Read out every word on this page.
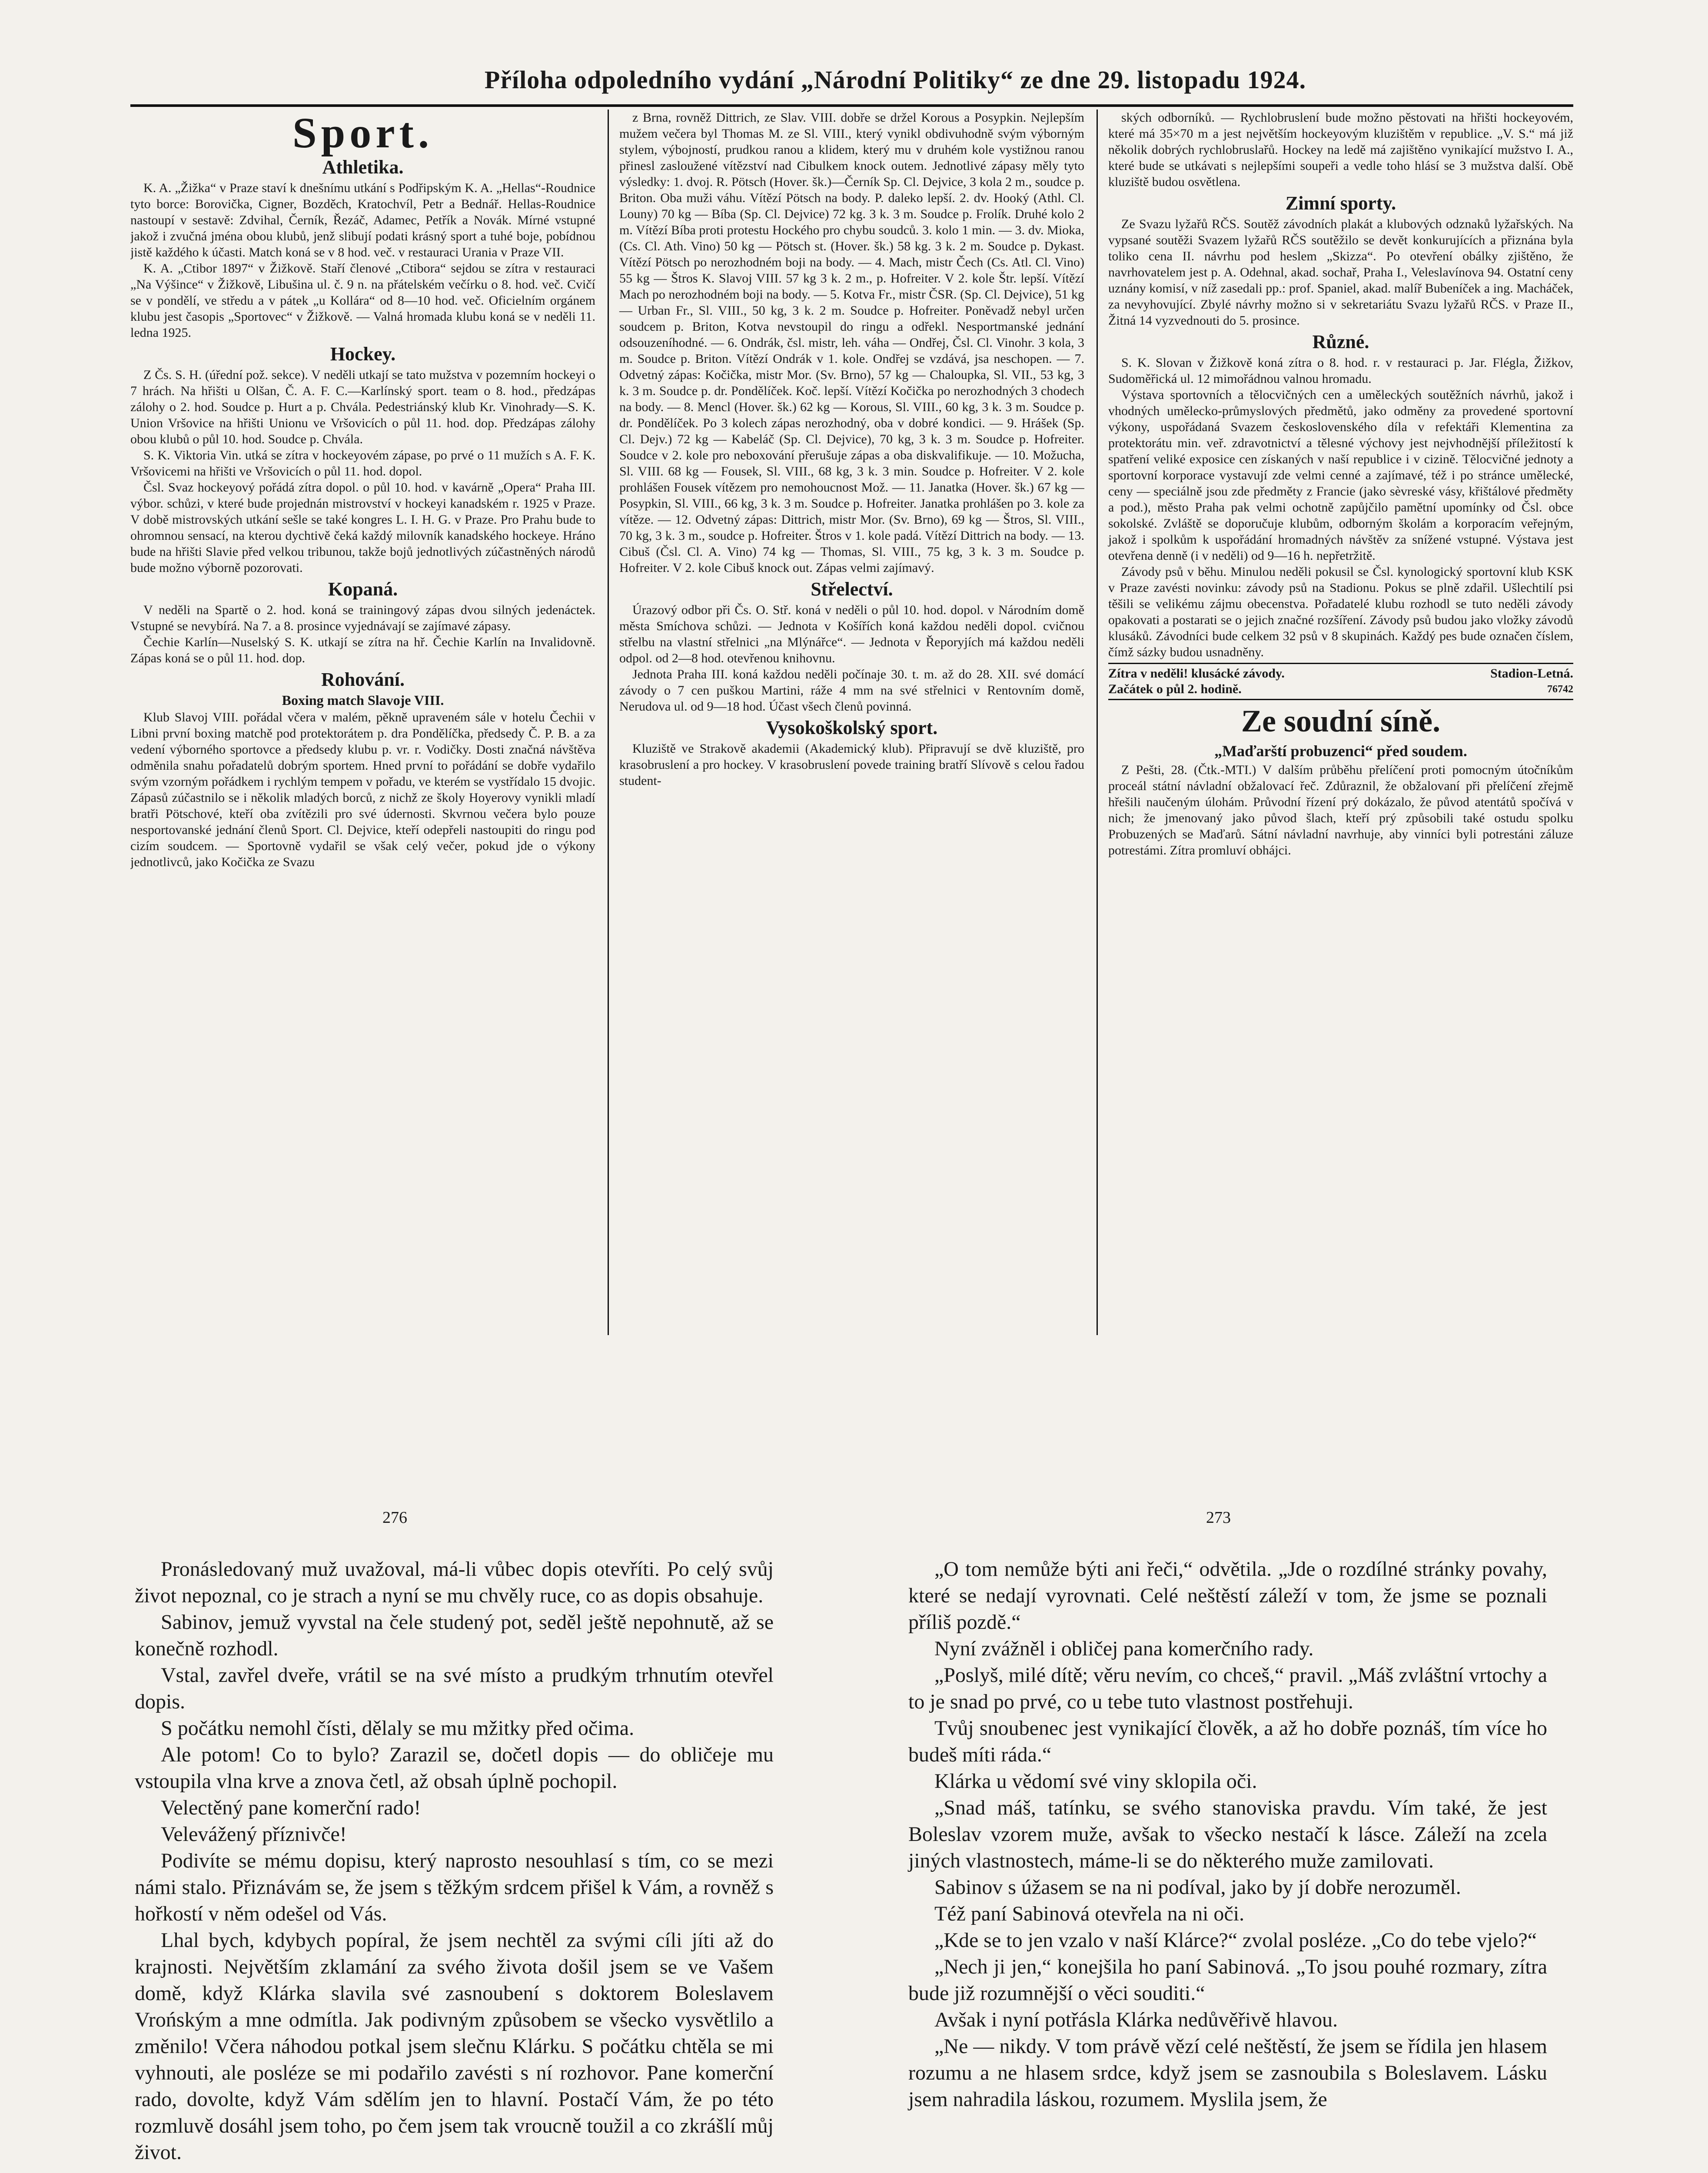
Příloha odpoledního vydání „Národní Politiky“ ze dne 29. listopadu 1924.
Sport.
Athletika.

K. A. „Žižka“ v Praze staví k dnešnímu utkání s Podřipským K. A. „Hellas“-Roudnice tyto borce: Borovička, Cigner, Bozděch, Kratochvíl, Petr a Bednář. Hellas-Roudnice nastoupí v sestavě: Zdvihal, Černík, Řezáč, Adamec, Petřík a Novák. Mírné vstupné jakož i zvučná jména obou klubů, jenž slibují podati krásný sport a tuhé boje, pobídnou jistě každého k účasti. Match koná se v 8 hod. več. v restauraci Urania v Praze VII.

K. A. „Ctibor 1897“ v Žižkově. Staří členové „Ctibora“ sejdou se zítra v restauraci „Na Výšince“ v Žižkově, Libušina ul. č. 9 n. na přátelském večírku o 8. hod. več. Cvičí se v pondělí, ve středu a v pátek „u Kollára“ od 8—10 hod. več. Oficielním orgánem klubu jest časopis „Sportovec“ v Žižkově. — Valná hromada klubu koná se v neděli 11. ledna 1925.

Hockey.

Z Čs. S. H. (úřední pož. sekce). V neděli utkají se tato mužstva v pozemním hockeyi o 7 hrách. Na hřišti u Olšan, Č. A. F. C.—Karlínský sport. team o 8. hod., předzápas zálohy o 2. hod. Soudce p. Hurt a p. Chvála. Pedestriánský klub Kr. Vinohrady—S. K. Union Vršovice na hřišti Unionu ve Vršovicích o půl 11. hod. dop. Předzápas zálohy obou klubů o půl 10. hod. Soudce p. Chvála.

S. K. Viktoria Vin. utká se zítra v hockeyovém zápase, po prvé o 11 mužích s A. F. K. Vršovicemi na hřišti ve Vršovicích o půl 11. hod. dopol.

Čsl. Svaz hockeyový pořádá zítra dopol. o půl 10. hod. v kavárně „Opera“ Praha III. výbor. schůzi, v které bude projednán mistrovství v hockeyi kanadském r. 1925 v Praze. V době mistrovských utkání sešle se také kongres L. I. H. G. v Praze. Pro Prahu bude to ohromnou sensací, na kterou dychtivě čeká každý milovník kanadského hockeye. Hráno bude na hřišti Slavie před velkou tribunou, takže bojů jednotlivých zúčastněných národů bude možno výborně pozorovati.

Kopaná.

V neděli na Spartě o 2. hod. koná se trainingový zápas dvou silných jedenáctek. Vstupné se nevybírá. Na 7. a 8. prosince vyjednávají se zajímavé zápasy.

Čechie Karlín—Nuselský S. K. utkají se zítra na hř. Čechie Karlín na Invalidovně. Zápas koná se o půl 11. hod. dop.

Rohování.
Boxing match Slavoje VIII.

Klub Slavoj VIII. pořádal včera v malém, pěkně upraveném sále v hotelu Čechii v Libni první boxing matchě pod protektorátem p. dra Pondělíčka, předsedy Č. P. B. a za vedení výborného sportovce a předsedy klubu p. vr. r. Vodičky. Dosti značná návštěva odměnila snahu pořadatelů dobrým sportem. Hned první to pořádání se dobře vydařilo svým vzorným pořádkem i rychlým tempem v pořadu, ve kterém se vystřídalo 15 dvojic. Zápasů zúčastnilo se i několik mladých borců, z nichž ze školy Hoyerovy vynikli mladí bratři Pötschové, kteří oba zvítězili pro své údernosti. Skvrnou večera bylo pouze nesportovanské jednání členů Sport. Cl. Dejvice, kteří odepřeli nastoupiti do ringu pod cizím soudcem. — Sportovně vydařil se však celý večer, pokud jde o výkony jednotlivců, jako Kočička ze Svazu

z Brna, rovněž Dittrich, ze Slav. VIII. dobře se držel Korous a Posypkin. Nejlepším mužem večera byl Thomas M. ze Sl. VIII., který vynikl obdivuhodně svým výborným stylem, výbojností, prudkou ranou a klidem, který mu v druhém kole vystižnou ranou přinesl zasloužené vítězství nad Cibulkem knock outem. Jednotlivé zápasy měly tyto výsledky: 1. dvoj. R. Pötsch (Hover. šk.)—Černík Sp. Cl. Dejvice, 3 kola 2 m., soudce p. Briton. Oba muži váhu. Vítězí Pötsch na body. P. daleko lepší. 2. dv. Hooký (Athl. Cl. Louny) 70 kg — Bíba (Sp. Cl. Dejvice) 72 kg. 3 k. 3 m. Soudce p. Frolík. Druhé kolo 2 m. Vítězí Bíba proti protestu Hockého pro chybu soudců. 3. kolo 1 min. — 3. dv. Mioka, (Cs. Cl. Ath. Vino) 50 kg — Pötsch st. (Hover. šk.) 58 kg. 3 k. 2 m. Soudce p. Dykast. Vítězí Pötsch po nerozhodném boji na body. — 4. Mach, mistr Čech (Cs. Atl. Cl. Vino) 55 kg — Štros K. Slavoj VIII. 57 kg 3 k. 2 m., p. Hofreiter. V 2. kole Štr. lepší. Vítězí Mach po nerozhodném boji na body. — 5. Kotva Fr., mistr ČSR. (Sp. Cl. Dejvice), 51 kg — Urban Fr., Sl. VIII., 50 kg, 3 k. 2 m. Soudce p. Hofreiter. Poněvadž nebyl určen soudcem p. Briton, Kotva nevstoupil do ringu a odřekl. Nesportmanské jednání odsouzeníhodné. — 6. Ondrák, čsl. mistr, leh. váha — Ondřej, Čsl. Cl. Vinohr. 3 kola, 3 m. Soudce p. Briton. Vítězí Ondrák v 1. kole. Ondřej se vzdává, jsa neschopen. — 7. Odvetný zápas: Kočička, mistr Mor. (Sv. Brno), 57 kg — Chaloupka, Sl. VII., 53 kg, 3 k. 3 m. Soudce p. dr. Pondělíček. Koč. lepší. Vítězí Kočička po nerozhodných 3 chodech na body. — 8. Mencl (Hover. šk.) 62 kg — Korous, Sl. VIII., 60 kg, 3 k. 3 m. Soudce p. dr. Pondělíček. Po 3 kolech zápas nerozhodný, oba v dobré kondici. — 9. Hrášek (Sp. Cl. Dejv.) 72 kg — Kabeláč (Sp. Cl. Dejvice), 70 kg, 3 k. 3 m. Soudce p. Hofreiter. Soudce v 2. kole pro neboxování přerušuje zápas a oba diskvalifikuje. — 10. Možucha, Sl. VIII. 68 kg — Fousek, Sl. VIII., 68 kg, 3 k. 3 min. Soudce p. Hofreiter. V 2. kole prohlášen Fousek vítězem pro nemohoucnost Mož. — 11. Janatka (Hover. šk.) 67 kg — Posypkin, Sl. VIII., 66 kg, 3 k. 3 m. Soudce p. Hofreiter. Janatka prohlášen po 3. kole za vítěze. — 12. Odvetný zápas: Dittrich, mistr Mor. (Sv. Brno), 69 kg — Štros, Sl. VIII., 70 kg, 3 k. 3 m., soudce p. Hofreiter. Štros v 1. kole padá. Vítězí Dittrich na body. — 13. Cibuš (Čsl. Cl. A. Vino) 74 kg — Thomas, Sl. VIII., 75 kg, 3 k. 3 m. Soudce p. Hofreiter. V 2. kole Cibuš knock out. Zápas velmi zajímavý.

Střelectví.

Úrazový odbor při Čs. O. Stř. koná v neděli o půl 10. hod. dopol. v Národním domě města Smíchova schůzi. — Jednota v Košířích koná každou neděli dopol. cvičnou střelbu na vlastní střelnici „na Mlýnářce“. — Jednota v Řeporyjích má každou neděli odpol. od 2—8 hod. otevřenou knihovnu.

Jednota Praha III. koná každou neděli počínaje 30. t. m. až do 28. XII. své domácí závody o 7 cen puškou Martini, ráže 4 mm na své střelnici v Rentovním domě, Nerudova ul. od 9—18 hod. Účast všech členů povinná.

Vysokoškolský sport.

Kluziště ve Strakově akademii (Akademický klub). Připravují se dvě kluziště, pro krasobruslení a pro hockey. V krasobruslení povede training bratří Slívově s celou řadou student-

ských odborníků. — Rychlobruslení bude možno pěstovati na hřišti hockeyovém, které má 35×70 m a jest největším hockeyovým kluzištěm v republice. „V. S.“ má již několik dobrých rychlobruslařů. Hockey na ledě má zajištěno vynikající mužstvo I. A., které bude se utkávati s nejlepšími soupeři a vedle toho hlásí se 3 mužstva další. Obě kluziště budou osvětlena.

Zimní sporty.

Ze Svazu lyžařů RČS. Soutěž závodních plakát a klubových odznaků lyžařských. Na vypsané soutěži Svazem lyžařů RČS soutěžilo se devět konkurujících a přiznána byla toliko cena II. návrhu pod heslem „Skizza“. Po otevření obálky zjištěno, že navrhovatelem jest p. A. Odehnal, akad. sochař, Praha I., Veleslavínova 94. Ostatní ceny uznány komisí, v níž zasedali pp.: prof. Spaniel, akad. malíř Bubeníček a ing. Macháček, za nevyhovující. Zbylé návrhy možno si v sekretariátu Svazu lyžařů RČS. v Praze II., Žitná 14 vyzvednouti do 5. prosince.

Různé.

S. K. Slovan v Žižkově koná zítra o 8. hod. r. v restauraci p. Jar. Flégla, Žižkov, Sudoměřická ul. 12 mimořádnou valnou hromadu.

Výstava sportovních a tělocvičných cen a uměleckých soutěžních návrhů, jakož i vhodných umělecko-průmyslových předmětů, jako odměny za provedené sportovní výkony, uspořádaná Svazem československého díla v refektáři Klementina za protektorátu min. veř. zdravotnictví a tělesné výchovy jest nejvhodnější příležitostí k spatření veliké exposice cen získaných v naší republice i v cizině. Tělocvičné jednoty a sportovní korporace vystavují zde velmi cenné a zajímavé, též i po stránce umělecké, ceny — speciálně jsou zde předměty z Francie (jako sèvreské vásy, křištálové předměty a pod.), město Praha pak velmi ochotně zapůjčilo pamětní upomínky od Čsl. obce sokolské. Zvláště se doporučuje klubům, odborným školám a korporacím veřejným, jakož i spolkům k uspořádání hromadných návštěv za snížené vstupné. Výstava jest otevřena denně (i v neděli) od 9—16 h. nepřetržitě.

Závody psů v běhu. Minulou neděli pokusil se Čsl. kynologický sportovní klub KSK v Praze zavésti novinku: závody psů na Stadionu. Pokus se plně zdařil. Ušlechtilí psi těšili se velikému zájmu obecenstva. Pořadatelé klubu rozhodl se tuto neděli závody opakovati a postarati se o jejich značné rozšíření. Závody psů budou jako vložky závodů klusáků. Závodníci bude celkem 32 psů v 8 skupinách. Každý pes bude označen číslem, čímž sázky budou usnadněny.

Zítra v neděli! klusácké závody.	Stadion-Letná.
Začátek o půl 2. hodině.	76742
Ze soudní síně.
„Maďarští probuzenci“ před soudem.

Z Pešti, 28. (Čtk.-MTI.) V dalším průběhu přelíčení proti pomocným útočníkům proceál státní návladní obžalovací řeč. Zdůraznil, že obžalovaní při přelíčení zřejmě hřešili naučeným úlohám. Průvodní řízení prý dokázalo, že původ atentátů spočívá v nich; že jmenovaný jako původ šlach, kteří prý způsobili také ostudu spolku Probuzených se Maďarů. Sátní návladní navrhuje, aby vinníci byli potrestáni záluze potrestámi. Zítra promluví obhájci.

276	273

Pronásledovaný muž uvažoval, má-li vůbec dopis otevříti. Po celý svůj život nepoznal, co je strach a nyní se mu chvěly ruce, co as dopis obsahuje.

Sabinov, jemuž vyvstal na čele studený pot, seděl ještě nepohnutě, až se konečně rozhodl.

Vstal, zavřel dveře, vrátil se na své místo a prudkým trhnutím otevřel dopis.

S počátku nemohl čísti, dělaly se mu mžitky před očima.

Ale potom! Co to bylo? Zarazil se, dočetl dopis — do obličeje mu vstoupila vlna krve a znova četl, až obsah úplně pochopil.

Velectěný pane komerční rado!

Velevážený příznivče!

Podivíte se mému dopisu, který naprosto nesouhlasí s tím, co se mezi námi stalo. Přiznávám se, že jsem s těžkým srdcem přišel k Vám, a rovněž s hořkostí v něm odešel od Vás.

Lhal bych, kdybych popíral, že jsem nechtěl za svými cíli jíti až do krajnosti. Největším zklamání za svého života došil jsem se ve Vašem domě, když Klárka slavila své zasnoubení s doktorem Boleslavem Vrońským a mne odmítla. Jak podivným způsobem se všecko vysvětlilo a změnilo! Včera náhodou potkal jsem slečnu Klárku. S počátku chtěla se mi vyhnouti, ale posléze se mi podařilo zavésti s ní rozhovor. Pane komerční rado, dovolte, když Vám sdělím jen to hlavní. Postačí Vám, že po této rozmluvě dosáhl jsem toho, po čem jsem tak vroucně toužil a co zkrášlí můj život.

„O tom nemůže býti ani řeči,“ odvětila. „Jde o rozdílné stránky povahy, které se nedají vyrovnati. Celé neštěstí záleží v tom, že jsme se poznali příliš pozdě.“

Nyní zvážněl i obličej pana komerčního rady.

„Poslyš, milé dítě; věru nevím, co chceš,“ pravil. „Máš zvláštní vrtochy a to je snad po prvé, co u tebe tuto vlastnost postřehuji.

Tvůj snoubenec jest vynikající člověk, a až ho dobře poznáš, tím více ho budeš míti ráda.“

Klárka u vědomí své viny sklopila oči.

„Snad máš, tatínku, se svého stanoviska pravdu. Vím také, že jest Boleslav vzorem muže, avšak to všecko nestačí k lásce. Záleží na zcela jiných vlastnostech, máme-li se do některého muže zamilovati.

Sabinov s úžasem se na ni podíval, jako by jí dobře nerozuměl.

Též paní Sabinová otevřela na ni oči.

„Kde se to jen vzalo v naší Klárce?“ zvolal posléze. „Co do tebe vjelo?“

„Nech ji jen,“ konejšila ho paní Sabinová. „To jsou pouhé rozmary, zítra bude již rozumnější o věci souditi.“

Avšak i nyní potřásla Klárka nedůvěřivě hlavou.

„Ne — nikdy. V tom právě vězí celé neštěstí, že jsem se řídila jen hlasem rozumu a ne hlasem srdce, když jsem se zasnoubila s Boleslavem. Lásku jsem nahradila láskou, rozumem. Myslila jsem, že
